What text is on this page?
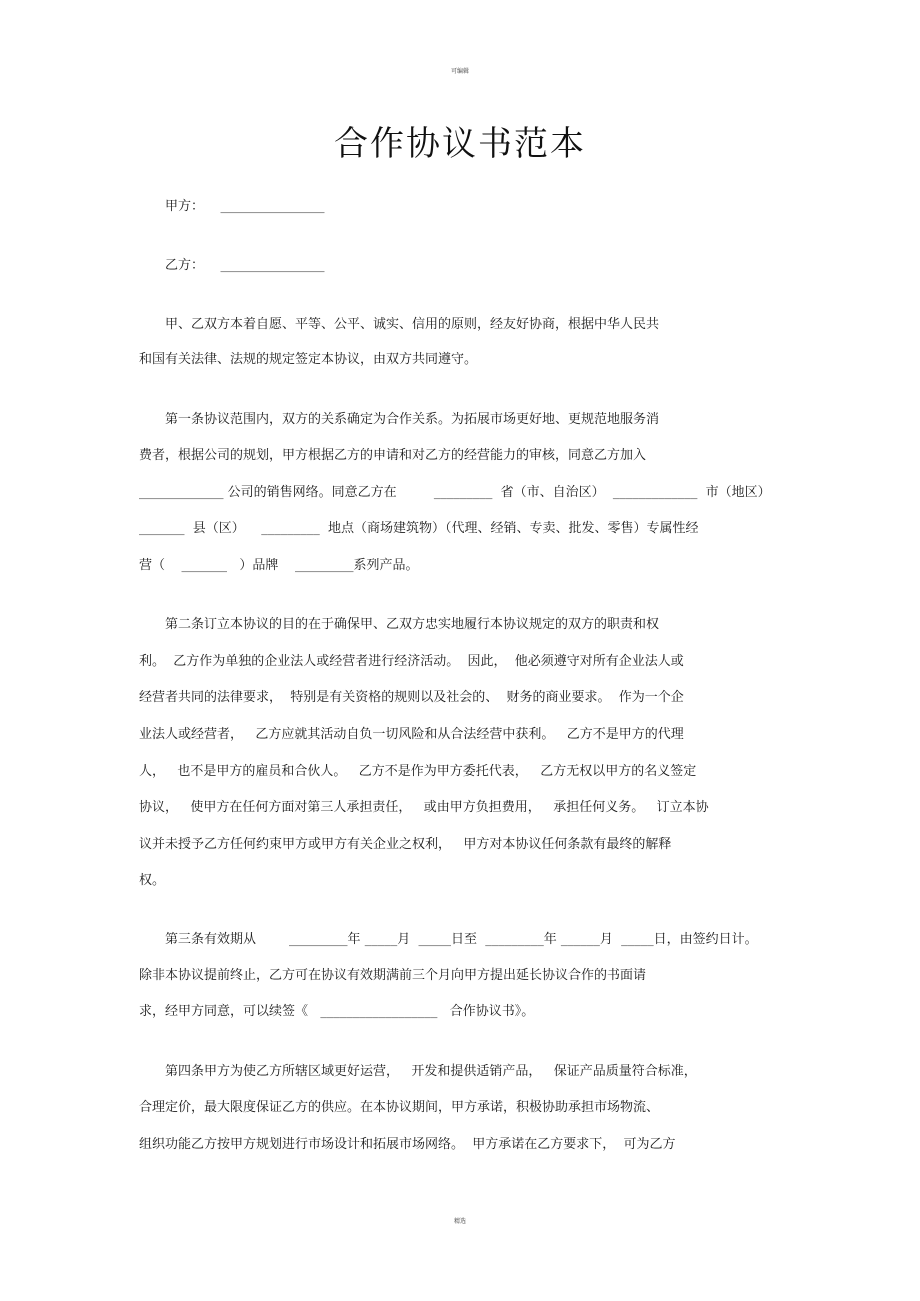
可编辑
合作协议书范本
甲方：    ________________
乙方：    ________________
甲、乙双方本着自愿、平等、公平、诚实、信用的原则，经友好协商，根据中华人民共
和国有关法律、法规的规定签定本协议，由双方共同遵守。
第一条协议范围内，双方的关系确定为合作关系。为拓展市场更好地、更规范地服务消
费者，根据公司的规划，甲方根据乙方的申请和对乙方的经营能力的审核，同意乙方加入
_____________ 公司的销售网络。同意乙方在         _________  省（市、自治区）  _____________  市（地区）
_______  县（区）    _________  地点（商场建筑物）（代理、经销、专卖、批发、零售）专属性经
营（    _______   ）品牌    _________系列产品。
第二条订立本协议的目的在于确保甲、乙双方忠实地履行本协议规定的双方的职责和权
利。  乙方作为单独的企业法人或经营者进行经济活动。  因此，  他必须遵守对所有企业法人或
经营者共同的法律要求，  特别是有关资格的规则以及社会的、  财务的商业要求。  作为一个企
业法人或经营者，   乙方应就其活动自负一切风险和从合法经营中获利。   乙方不是甲方的代理
人，   也不是甲方的雇员和合伙人。   乙方不是作为甲方委托代表，   乙方无权以甲方的名义签定
协议，   使甲方在任何方面对第三人承担责任，   或由甲方负担费用，   承担任何义务。   订立本协
议并未授予乙方任何约束甲方或甲方有关企业之权利，   甲方对本协议任何条款有最终的解释
权。
第三条有效期从        _________年 _____月  _____日至  _________年 ______月  _____日，由签约日计。
除非本协议提前终止，乙方可在协议有效期满前三个月向甲方提出延长协议合作的书面请
求，经甲方同意，可以续签《   __________________   合作协议书》。
第四条甲方为使乙方所辖区域更好运营，   开发和提供适销产品，   保证产品质量符合标准，
合理定价，最大限度保证乙方的供应。在本协议期间，甲方承诺，积极协助承担市场物流、
组织功能乙方按甲方规划进行市场设计和拓展市场网络。  甲方承诺在乙方要求下，  可为乙方
精选
